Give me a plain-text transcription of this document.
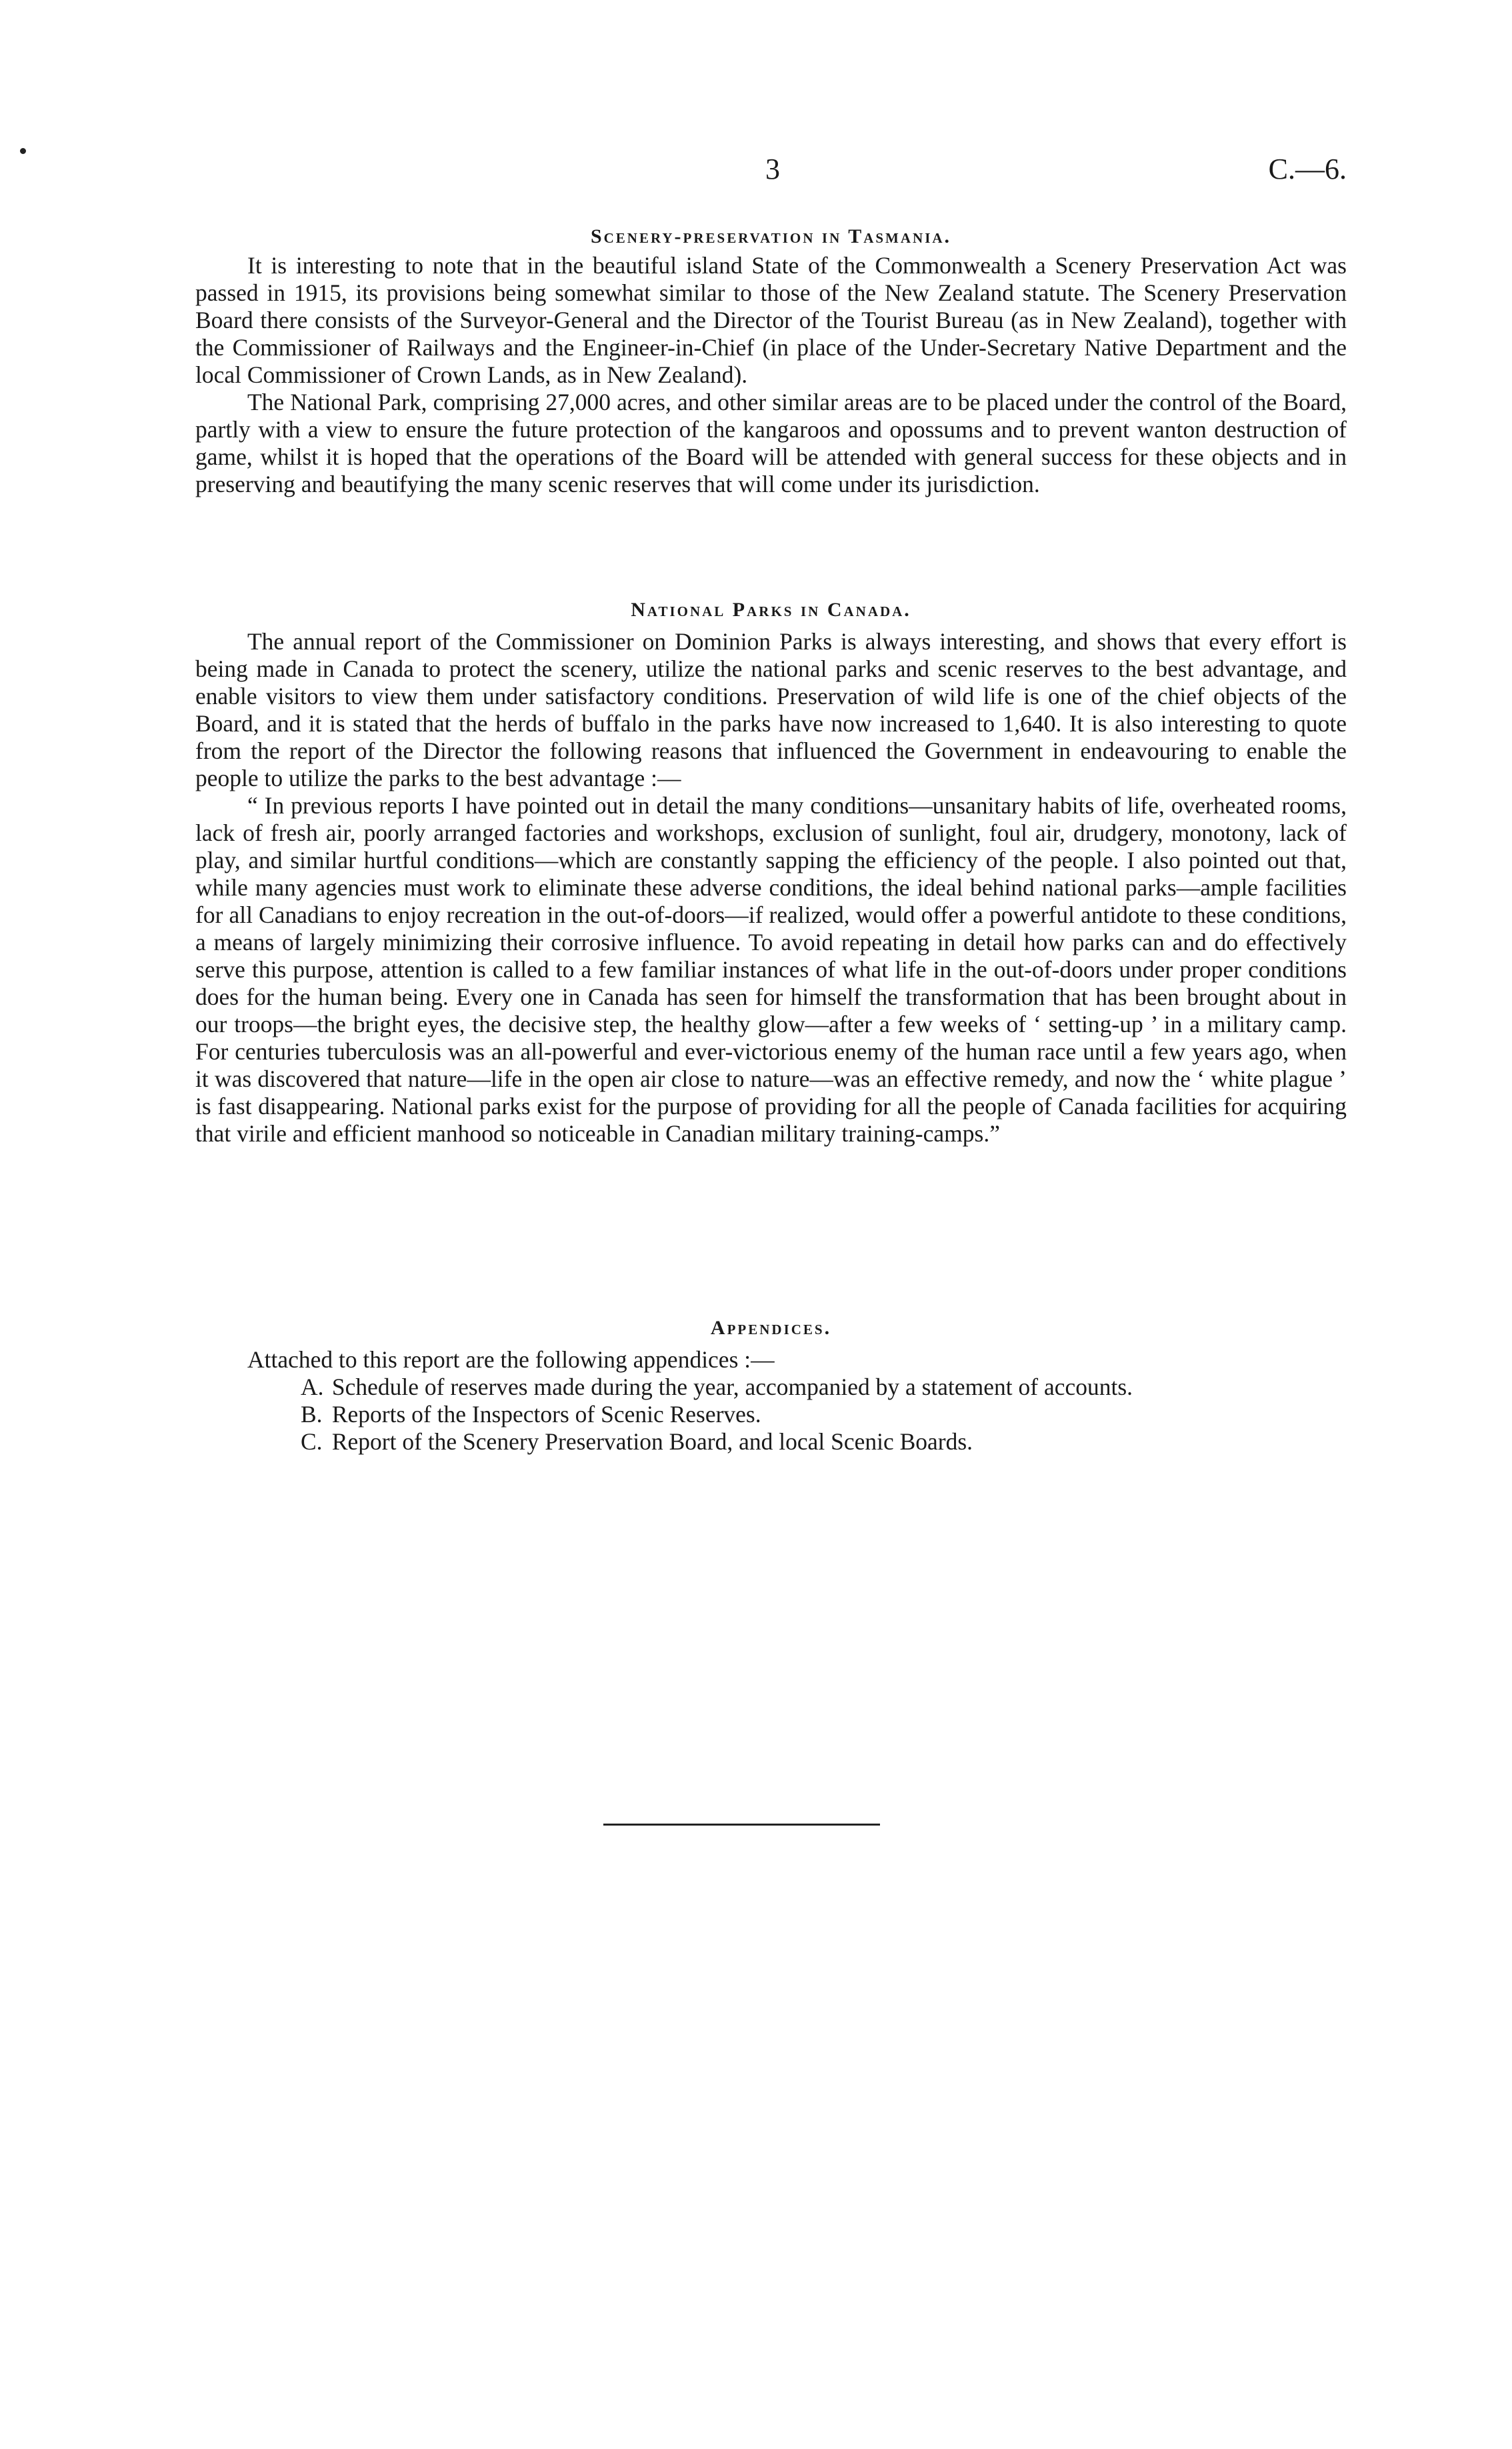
3	C.—6.
Scenery-preservation in Tasmania.

It is interesting to note that in the beautiful island State of the Commonwealth a Scenery Preservation Act was passed in 1915, its provisions being somewhat similar to those of the New Zealand statute. The Scenery Preservation Board there consists of the Surveyor-General and the Director of the Tourist Bureau (as in New Zealand), together with the Commissioner of Railways and the Engineer-in-Chief (in place of the Under-Secretary Native Department and the local Commissioner of Crown Lands, as in New Zealand).

The National Park, comprising 27,000 acres, and other similar areas are to be placed under the control of the Board, partly with a view to ensure the future protection of the kangaroos and opossums and to prevent wanton destruction of game, whilst it is hoped that the operations of the Board will be attended with general success for these objects and in preserving and beautifying the many scenic reserves that will come under its jurisdiction.

National Parks in Canada.

The annual report of the Commissioner on Dominion Parks is always interesting, and shows that every effort is being made in Canada to protect the scenery, utilize the national parks and scenic reserves to the best advantage, and enable visitors to view them under satisfactory conditions. Preservation of wild life is one of the chief objects of the Board, and it is stated that the herds of buffalo in the parks have now increased to 1,640. It is also interesting to quote from the report of the Director the following reasons that influenced the Government in endeavouring to enable the people to utilize the parks to the best advantage :—

“ In previous reports I have pointed out in detail the many conditions—unsanitary habits of life, overheated rooms, lack of fresh air, poorly arranged factories and workshops, exclusion of sunlight, foul air, drudgery, monotony, lack of play, and similar hurtful conditions—which are constantly sapping the efficiency of the people. I also pointed out that, while many agencies must work to eliminate these adverse conditions, the ideal behind national parks—ample facilities for all Canadians to enjoy recreation in the out-of-doors—if realized, would offer a powerful antidote to these conditions, a means of largely minimizing their corrosive influence. To avoid repeating in detail how parks can and do effectively serve this purpose, attention is called to a few familiar instances of what life in the out-of-doors under proper conditions does for the human being. Every one in Canada has seen for himself the transformation that has been brought about in our troops—the bright eyes, the decisive step, the healthy glow—after a few weeks of ‘ setting-up ’ in a military camp. For centuries tuberculosis was an all-powerful and ever-victorious enemy of the human race until a few years ago, when it was discovered that nature—life in the open air close to nature—was an effective remedy, and now the ‘ white plague ’ is fast disappearing. National parks exist for the purpose of providing for all the people of Canada facilities for acquiring that virile and efficient manhood so noticeable in Canadian military training-camps.”

Appendices.

Attached to this report are the following appendices :—

A. Schedule of reserves made during the year, accompanied by a statement of accounts.

B. Reports of the Inspectors of Scenic Reserves.

C. Report of the Scenery Preservation Board, and local Scenic Boards.
